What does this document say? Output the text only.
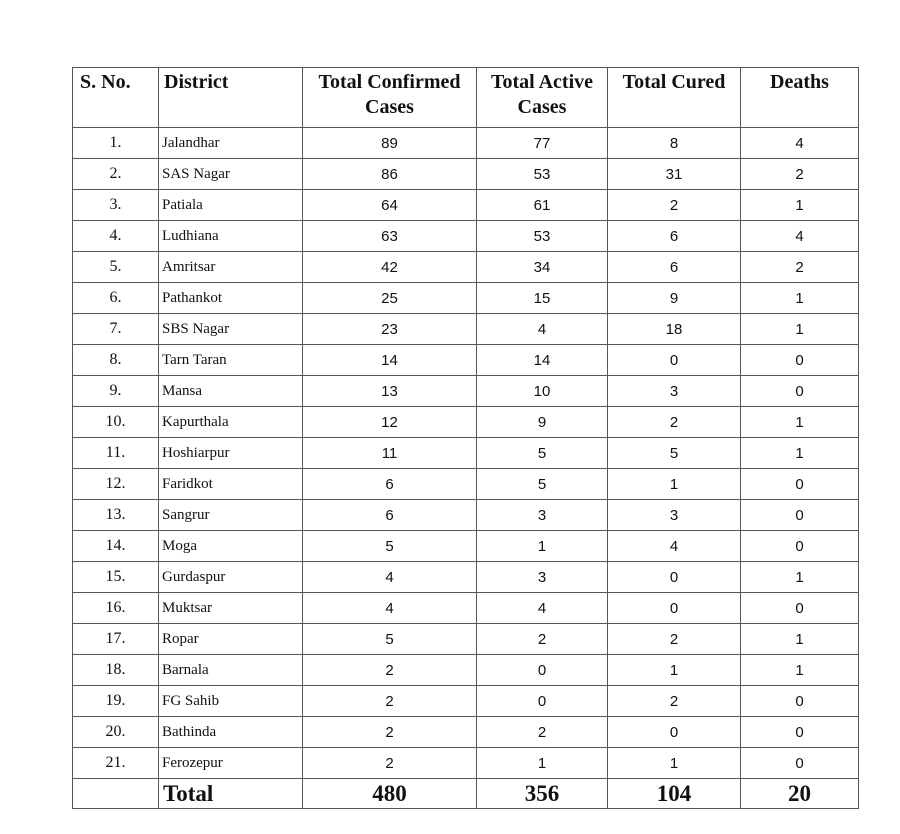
S. No.	District	Total Confirmed Cases	Total Active Cases	Total Cured	Deaths
1.	Jalandhar	89	77	8	4
2.	SAS Nagar	86	53	31	2
3.	Patiala	64	61	2	1
4.	Ludhiana	63	53	6	4
5.	Amritsar	42	34	6	2
6.	Pathankot	25	15	9	1
7.	SBS Nagar	23	4	18	1
8.	Tarn Taran	14	14	0	0
9.	Mansa	13	10	3	0
10.	Kapurthala	12	9	2	1
11.	Hoshiarpur	11	5	5	1
12.	Faridkot	6	5	1	0
13.	Sangrur	6	3	3	0
14.	Moga	5	1	4	0
15.	Gurdaspur	4	3	0	1
16.	Muktsar	4	4	0	0
17.	Ropar	5	2	2	1
18.	Barnala	2	0	1	1
19.	FG Sahib	2	0	2	0
20.	Bathinda	2	2	0	0
21.	Ferozepur	2	1	1	0
	Total	480	356	104	20
